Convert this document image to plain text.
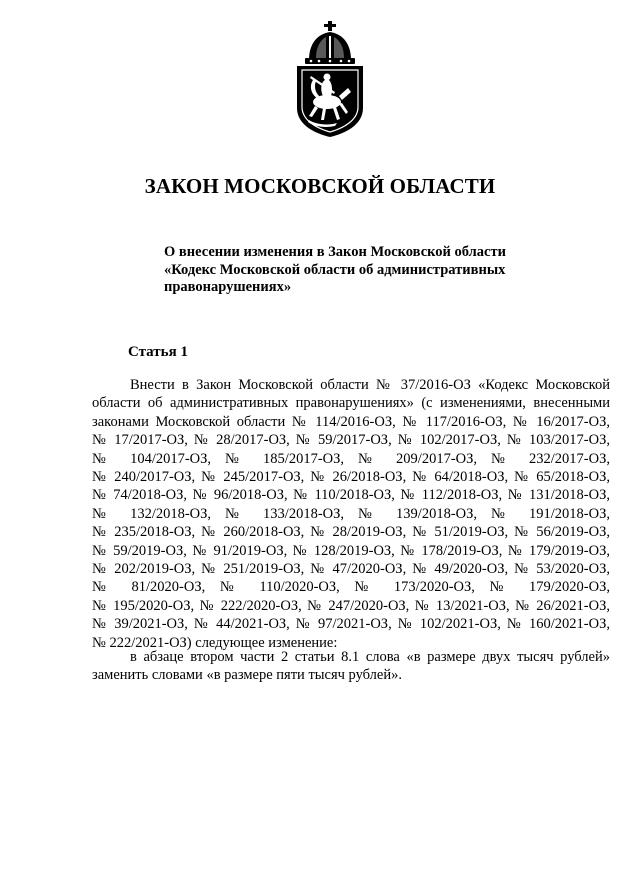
ЗАКОН МОСКОВСКОЙ ОБЛАСТИ
О внесении изменения в Закон Московской области
«Кодекс Московской области об административных
правонарушениях»
Статья 1
Внести в Закон Московской области № 37/2016-ОЗ «Кодекс Московской
области об административных правонарушениях» (с изменениями, внесенными
законами Московской области № 114/2016-ОЗ, № 117/2016-ОЗ, № 16/2017-ОЗ,
№ 17/2017-ОЗ, № 28/2017-ОЗ, № 59/2017-ОЗ, № 102/2017-ОЗ, № 103/2017-ОЗ,
№ 104/2017-ОЗ, № 185/2017-ОЗ, № 209/2017-ОЗ, № 232/2017-ОЗ,
№ 240/2017-ОЗ, № 245/2017-ОЗ, № 26/2018-ОЗ, № 64/2018-ОЗ, № 65/2018-ОЗ,
№ 74/2018-ОЗ, № 96/2018-ОЗ, № 110/2018-ОЗ, № 112/2018-ОЗ, № 131/2018-ОЗ,
№ 132/2018-ОЗ, № 133/2018-ОЗ, № 139/2018-ОЗ, № 191/2018-ОЗ,
№ 235/2018-ОЗ, № 260/2018-ОЗ, № 28/2019-ОЗ, № 51/2019-ОЗ, № 56/2019-ОЗ,
№ 59/2019-ОЗ, № 91/2019-ОЗ, № 128/2019-ОЗ, № 178/2019-ОЗ, № 179/2019-ОЗ,
№ 202/2019-ОЗ, № 251/2019-ОЗ, № 47/2020-ОЗ, № 49/2020-ОЗ, № 53/2020-ОЗ,
№ 81/2020-ОЗ, № 110/2020-ОЗ, № 173/2020-ОЗ, № 179/2020-ОЗ,
№ 195/2020-ОЗ, № 222/2020-ОЗ, № 247/2020-ОЗ, № 13/2021-ОЗ, № 26/2021-ОЗ,
№ 39/2021-ОЗ, № 44/2021-ОЗ, № 97/2021-ОЗ, № 102/2021-ОЗ, № 160/2021-ОЗ,
№ 222/2021-ОЗ) следующее изменение:
в абзаце втором части 2 статьи 8.1 слова «в размере двух тысяч рублей»
заменить словами «в размере пяти тысяч рублей».
